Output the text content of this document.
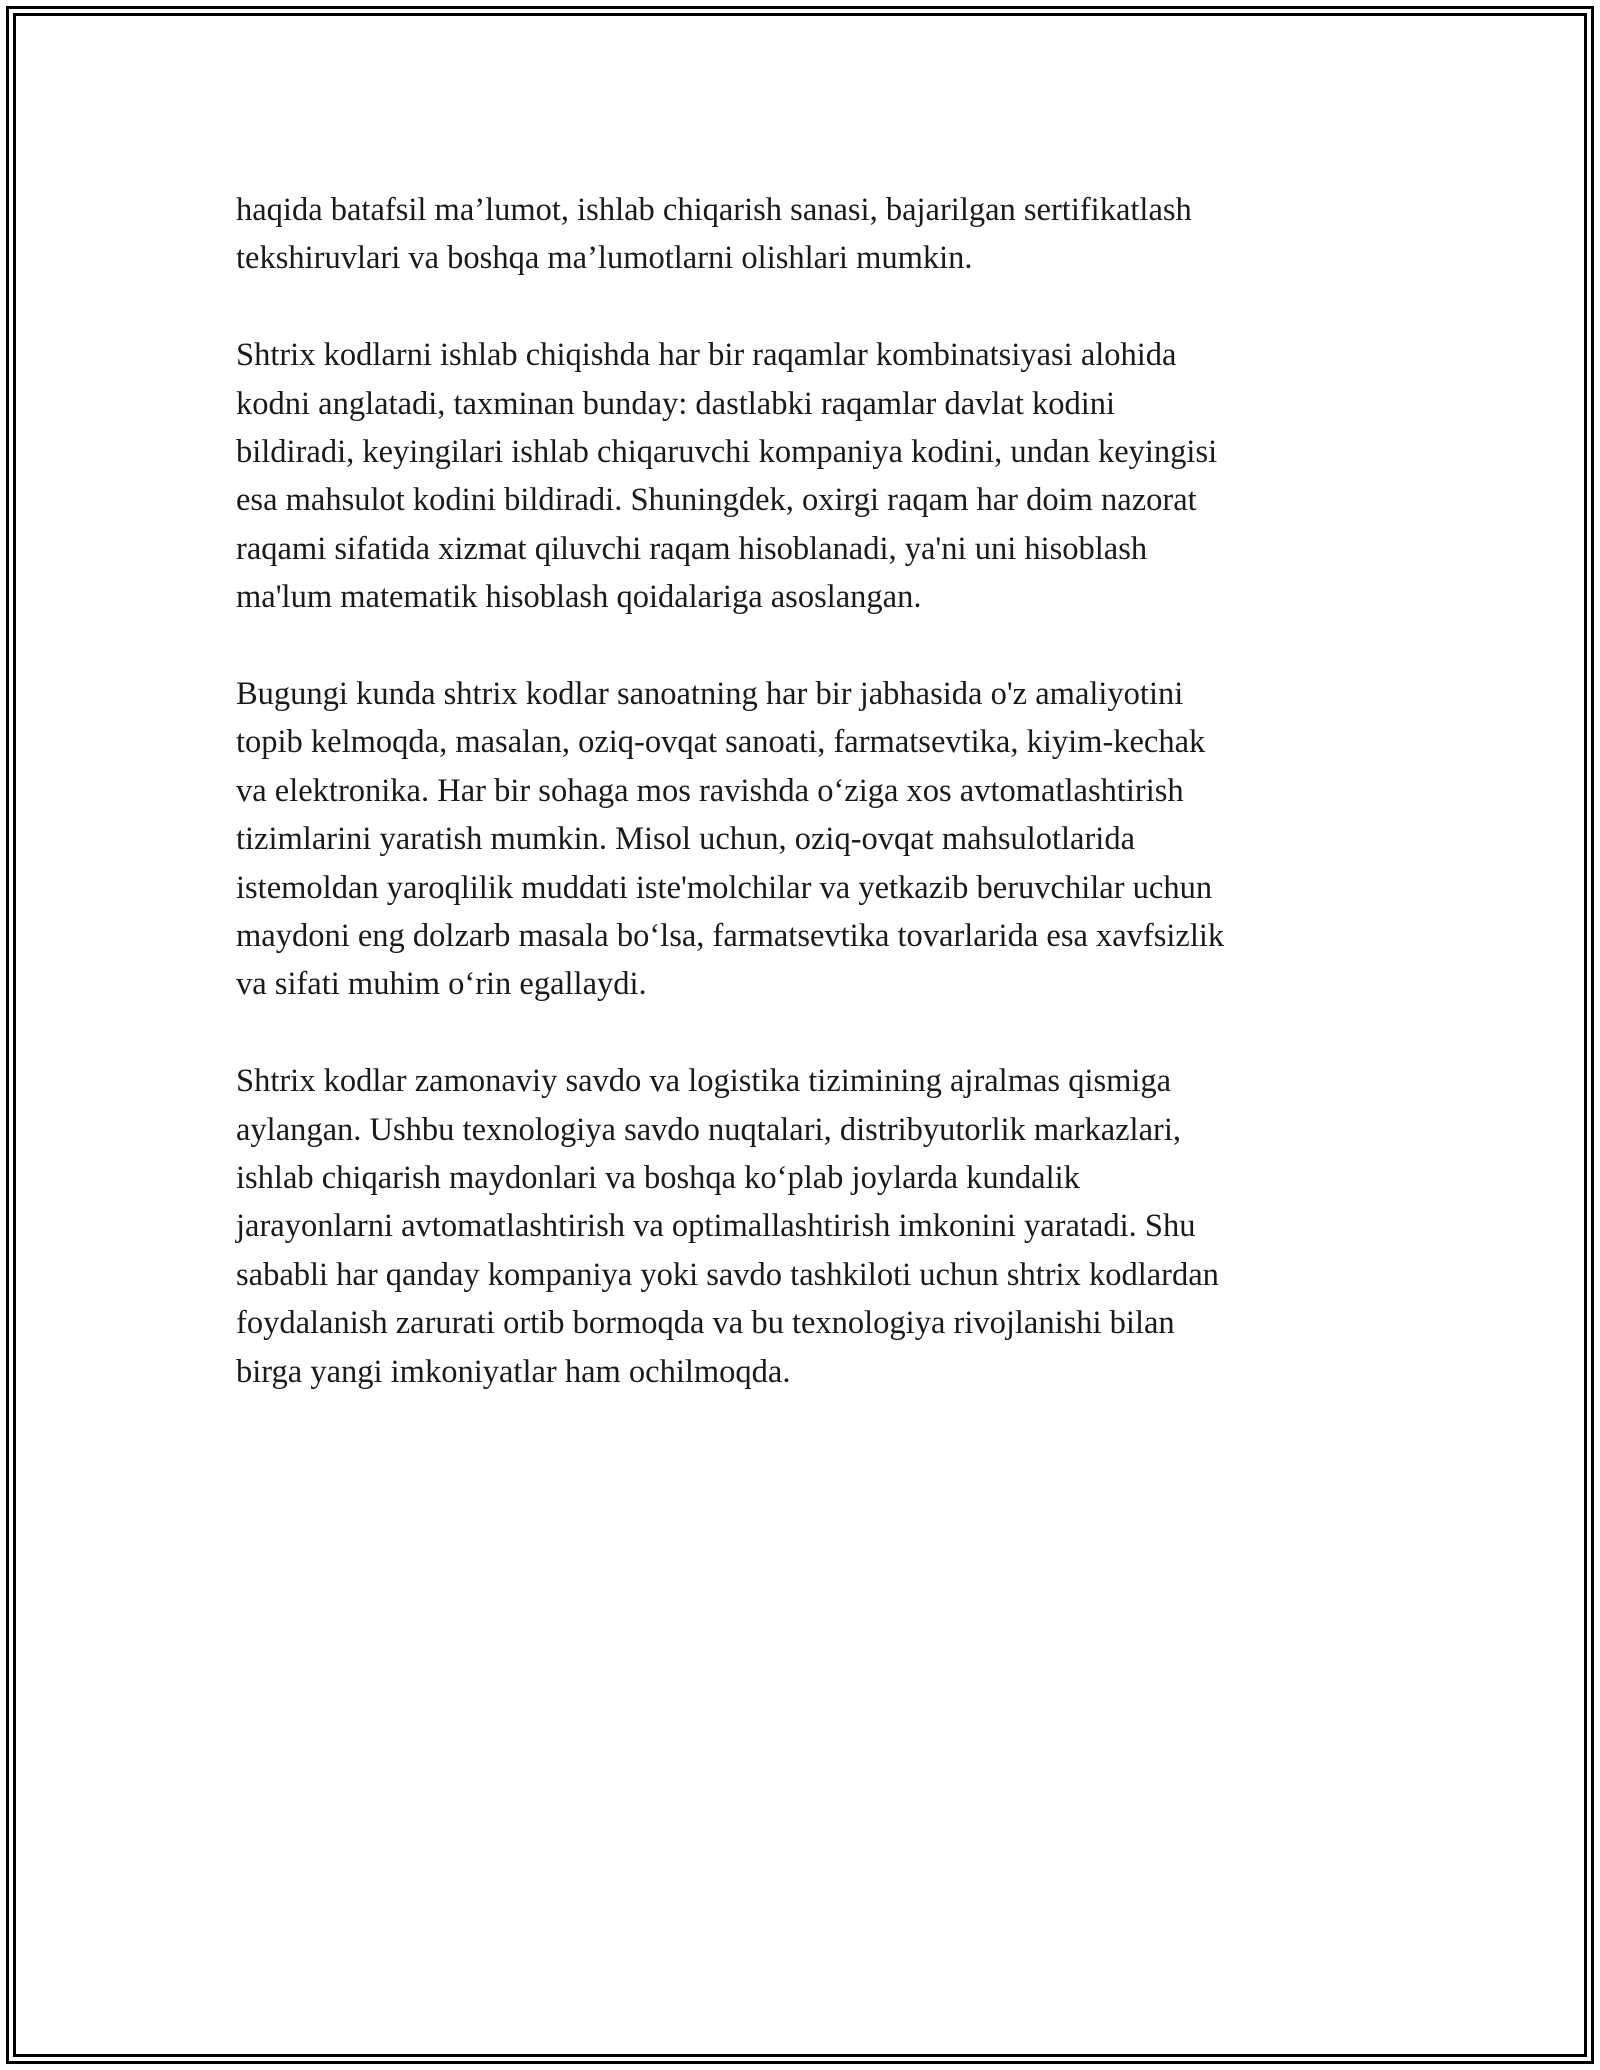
haqida batafsil ma’lumot, ishlab chiqarish sanasi, bajarilgan sertifikatlash
tekshiruvlari va boshqa ma’lumotlarni olishlari mumkin.

Shtrix kodlarni ishlab chiqishda har bir raqamlar kombinatsiyasi alohida
kodni anglatadi, taxminan bunday: dastlabki raqamlar davlat kodini
bildiradi, keyingilari ishlab chiqaruvchi kompaniya kodini, undan keyingisi
esa mahsulot kodini bildiradi. Shuningdek, oxirgi raqam har doim nazorat
raqami sifatida xizmat qiluvchi raqam hisoblanadi, ya'ni uni hisoblash
ma'lum matematik hisoblash qoidalariga asoslangan.

Bugungi kunda shtrix kodlar sanoatning har bir jabhasida o'z amaliyotini
topib kelmoqda, masalan, oziq-ovqat sanoati, farmatsevtika, kiyim-kechak
va elektronika. Har bir sohaga mos ravishda o‘ziga xos avtomatlashtirish
tizimlarini yaratish mumkin. Misol uchun, oziq-ovqat mahsulotlarida
istemoldan yaroqlilik muddati iste'molchilar va yetkazib beruvchilar uchun
maydoni eng dolzarb masala bo‘lsa, farmatsevtika tovarlarida esa xavfsizlik
va sifati muhim o‘rin egallaydi.

Shtrix kodlar zamonaviy savdo va logistika tizimining ajralmas qismiga
aylangan. Ushbu texnologiya savdo nuqtalari, distribyutorlik markazlari,
ishlab chiqarish maydonlari va boshqa ko‘plab joylarda kundalik
jarayonlarni avtomatlashtirish va optimallashtirish imkonini yaratadi. Shu
sababli har qanday kompaniya yoki savdo tashkiloti uchun shtrix kodlardan
foydalanish zarurati ortib bormoqda va bu texnologiya rivojlanishi bilan
birga yangi imkoniyatlar ham ochilmoqda.
